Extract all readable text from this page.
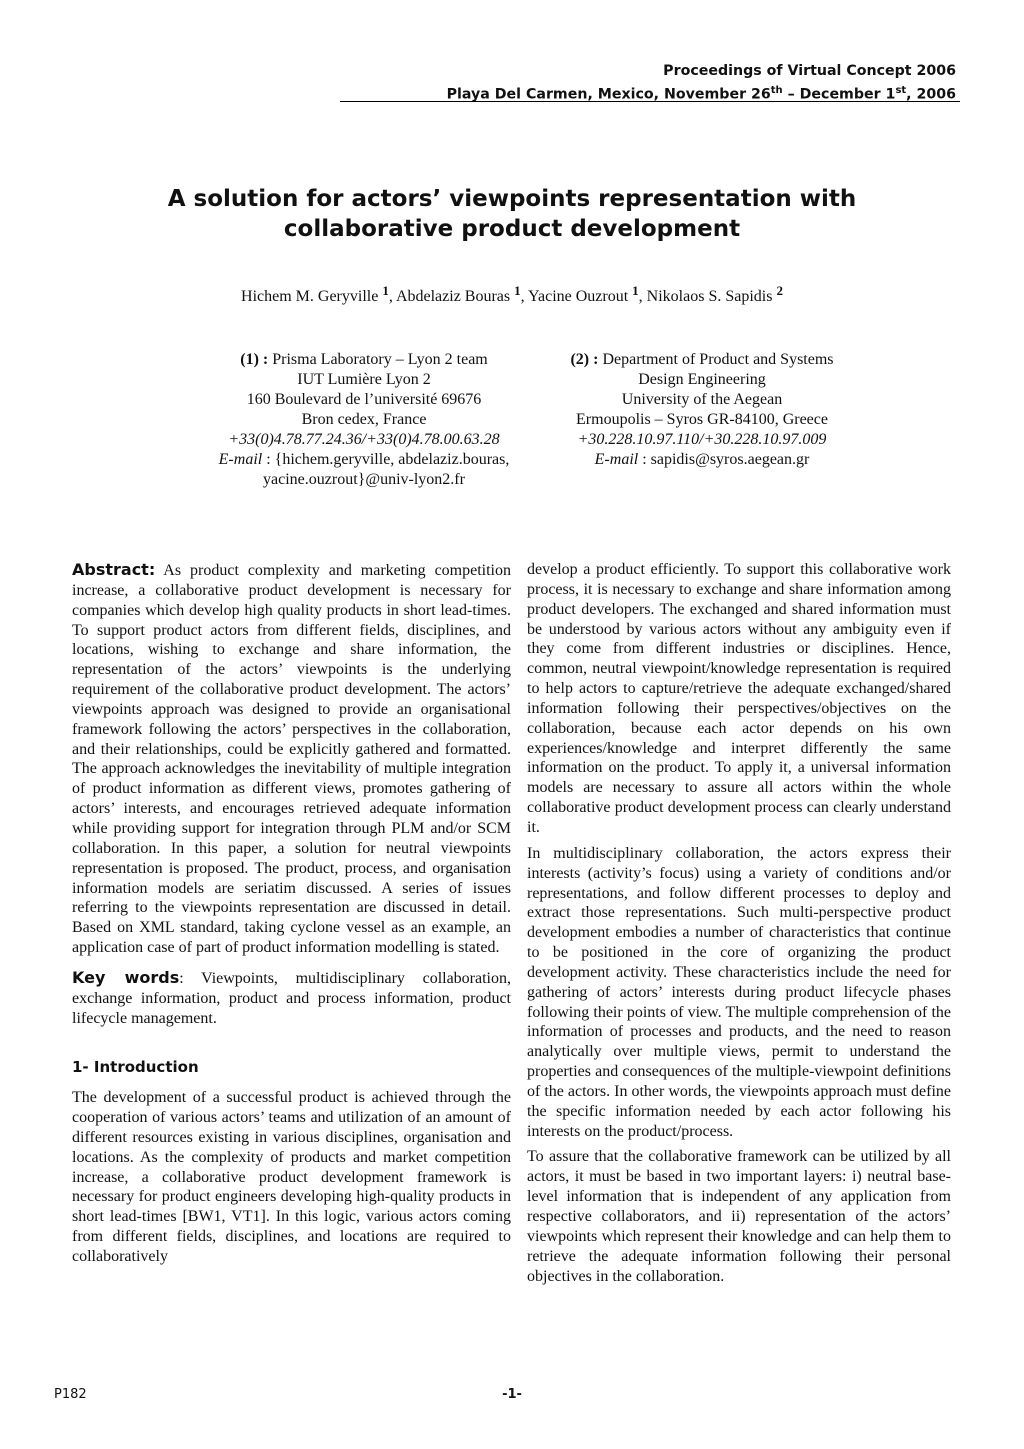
Proceedings of Virtual Concept 2006
Playa Del Carmen, Mexico, November 26th – December 1st, 2006
A solution for actors’ viewpoints representation with
collaborative product development
Hichem M. Geryville $^1$, Abdelaziz Bouras $^1$, Yacine Ouzrout $^1$, Nikolaos S. Sapidis $^2$
(1) : Prisma Laboratory – Lyon 2 team
IUT Lumière Lyon 2
160 Boulevard de l’université 69676
Bron cedex, France
+33(0)4.78.77.24.36/+33(0)4.78.00.63.28
E-mail : {hichem.geryville, abdelaziz.bouras,
yacine.ouzrout}@univ-lyon2.fr
(2) : Department of Product and Systems
Design Engineering
University of the Aegean
Ermoupolis – Syros GR-84100, Greece
+30.228.10.97.110/+30.228.10.97.009
E-mail : sapidis@syros.aegean.gr

Abstract: As product complexity and marketing competition increase, a collaborative product development is necessary for companies which develop high quality products in short lead-times. To support product actors from different fields, disciplines, and locations, wishing to exchange and share information, the representation of the actors’ viewpoints is the underlying requirement of the collaborative product development. The actors’ viewpoints approach was designed to provide an organisational framework following the actors’ perspectives in the collaboration, and their relationships, could be explicitly gathered and formatted. The approach acknowledges the inevitability of multiple integration of product information as different views, promotes gathering of actors’ interests, and encourages retrieved adequate information while providing support for integration through PLM and/or SCM collaboration. In this paper, a solution for neutral viewpoints representation is proposed. The product, process, and organisation information models are seriatim discussed. A series of issues referring to the viewpoints representation are discussed in detail. Based on XML standard, taking cyclone vessel as an example, an application case of part of product information modelling is stated.

Key words: Viewpoints, multidisciplinary collaboration, exchange information, product and process information, product lifecycle management.

1- Introduction

The development of a successful product is achieved through the cooperation of various actors’ teams and utilization of an amount of different resources existing in various disciplines, organisation and locations. As the complexity of products and market competition increase, a collaborative product development framework is necessary for product engineers developing high-quality products in short lead-times [BW1, VT1]. In this logic, various actors coming from different fields, disciplines, and locations are required to collaboratively

develop a product efficiently. To support this collaborative work process, it is necessary to exchange and share information among product developers. The exchanged and shared information must be understood by various actors without any ambiguity even if they come from different industries or disciplines. Hence, common, neutral viewpoint/knowledge representation is required to help actors to capture/retrieve the adequate exchanged/shared information following their perspectives/objectives on the collaboration, because each actor depends on his own experiences/knowledge and interpret differently the same information on the product. To apply it, a universal information models are necessary to assure all actors within the whole collaborative product development process can clearly understand it.

In multidisciplinary collaboration, the actors express their interests (activity’s focus) using a variety of conditions and/or representations, and follow different processes to deploy and extract those representations. Such multi-perspective product development embodies a number of characteristics that continue to be positioned in the core of organizing the product development activity. These characteristics include the need for gathering of actors’ interests during product lifecycle phases following their points of view. The multiple comprehension of the information of processes and products, and the need to reason analytically over multiple views, permit to understand the properties and consequences of the multiple-viewpoint definitions of the actors. In other words, the viewpoints approach must define the specific information needed by each actor following his interests on the product/process.

To assure that the collaborative framework can be utilized by all actors, it must be based in two important layers: i) neutral base-level information that is independent of any application from respective collaborators, and ii) representation of the actors’ viewpoints which represent their knowledge and can help them to retrieve the adequate information following their personal objectives in the collaboration.

P182	-1-
